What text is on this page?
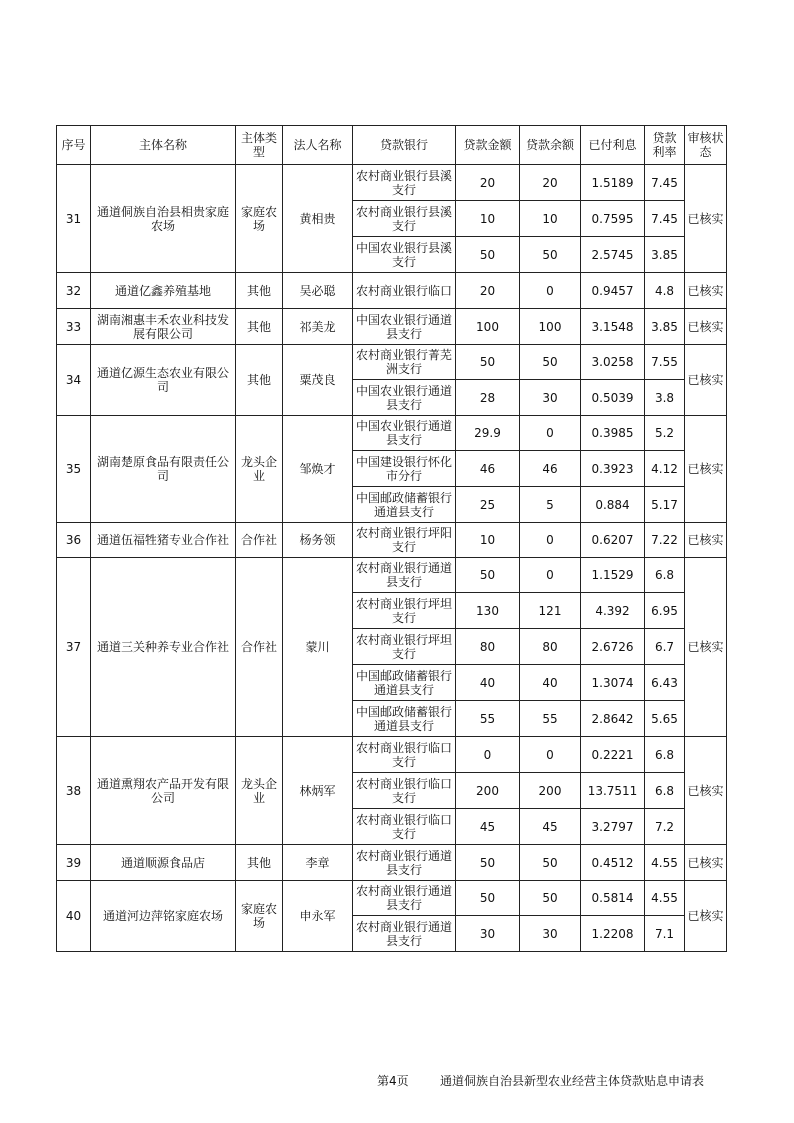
序号	主体名称	主体类型	法人名称	贷款银行	贷款金额	贷款余额	已付利息	贷款利率	审核状态
31	通道侗族自治县相贵家庭农场	家庭农场	黄相贵	农村商业银行县溪支行	20	20	1.5189	7.45	已核实
				农村商业银行县溪支行	10	10	0.7595	7.45	
				中国农业银行县溪支行	50	50	2.5745	3.85	
32	通道亿鑫养殖基地	其他	吴必聪	农村商业银行临口	20	0	0.9457	4.8	已核实
33	湖南湘惠丰禾农业科技发展有限公司	其他	祁美龙	中国农业银行通道县支行	100	100	3.1548	3.85	已核实
34	通道亿源生态农业有限公司	其他	粟茂良	农村商业银行菁芜洲支行	50	50	3.0258	7.55	已核实
				中国农业银行通道县支行	28	30	0.5039	3.8	
35	湖南楚原食品有限责任公司	龙头企业	邹焕才	中国农业银行通道县支行	29.9	0	0.3985	5.2	已核实
				中国建设银行怀化市分行	46	46	0.3923	4.12	
				中国邮政储蓄银行通道县支行	25	5	0.884	5.17	
36	通道伍福牲猪专业合作社	合作社	杨务领	农村商业银行坪阳支行	10	0	0.6207	7.22	已核实
37	通道三关种养专业合作社	合作社	蒙川	农村商业银行通道县支行	50	0	1.1529	6.8	已核实
				农村商业银行坪坦支行	130	121	4.392	6.95	
				农村商业银行坪坦支行	80	80	2.6726	6.7	
				中国邮政储蓄银行通道县支行	40	40	1.3074	6.43	
				中国邮政储蓄银行通道县支行	55	55	2.8642	5.65	
38	通道熏翔农产品开发有限公司	龙头企业	林炳军	农村商业银行临口支行	0	0	0.2221	6.8	已核实
				农村商业银行临口支行	200	200	13.7511	6.8	
				农村商业银行临口支行	45	45	3.2797	7.2	
39	通道顺源食品店	其他	李章	农村商业银行通道县支行	50	50	0.4512	4.55	已核实
40	通道河边萍铭家庭农场	家庭农场	申永军	农村商业银行通道县支行	50	50	0.5814	4.55	已核实
				农村商业银行通道县支行	30	30	1.2208	7.1	
第4页	通道侗族自治县新型农业经营主体贷款贴息申请表
